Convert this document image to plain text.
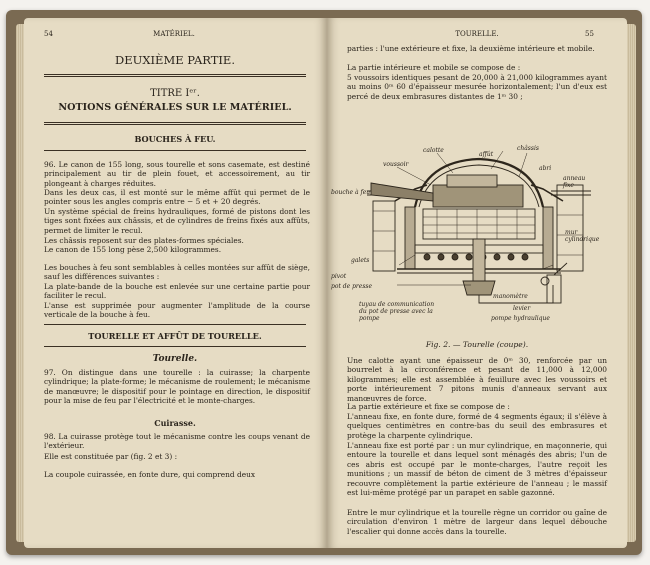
54	MATÉRIEL.
DEUXIÈME PARTIE.
TITRE Iᵉʳ.
NOTIONS GÉNÉRALES SUR LE MATÉRIEL.
BOUCHES À FEU.
96. Le canon de 155 long, sous tourelle et sons casemate, est destiné principalement au tir de plein fouet, et accessoirement, au tir plongeant à charges réduites.
Dans les deux cas, il est monté sur le même affût qui permet de le pointer sous les angles compris entre − 5 et + 20 degrés.
Un système spécial de freins hydrauliques, formé de pistons dont les tiges sont fixées aux châssis, et de cylindres de freins fixés aux affûts, permet de limiter le recul.
Les châssis reposent sur des plates-formes spéciales.
Le canon de 155 long pèse 2,500 kilogrammes.
Les bouches à feu sont semblables à celles montées sur affût de siège, sauf les différences suivantes :
La plate-bande de la bouche est enlevée sur une certaine partie pour faciliter le recul.
L'anse est supprimée pour augmenter l'amplitude de la course verticale de la bouche à feu.
TOURELLE ET AFFÛT DE TOURELLE.
Tourelle.
97. On distingue dans une tourelle : la cuirasse; la charpente cylindrique; la plate-forme; le mécanisme de roulement; le mécanisme de manœuvre; le dispositif pour le pointage en direction, le dispositif pour la mise de feu par l'électricité et le monte-charges.
Cuirasse.
98. La cuirasse protège tout le mécanisme contre les coups venant de l'extérieur.
Elle est constituée par (fig. 2 et 3) :
La coupole cuirassée, en fonte dure, qui comprend deux
TOURELLE.	55
parties : l'une extérieure et fixe, la deuxième intérieure et mobile.
La partie intérieure et mobile se compose de :
5 voussoirs identiques pesant de 20,000 à 21,000 kilogrammes ayant au moins 0ᵐ 60 d'épaisseur mesurée horizontalement; l'un d'eux est percé de deux embrasures distantes de 1ᵐ 30 ;
calotte	châssis
voussoir
affût
abri
anneau fixe
bouche à feu
mur cylindrique
galets
pivot
pot de presse
tuyau de communication du pot de presse avec la pompe
manomètre
levier
pompe hydraulique
Fig. 2. — Tourelle (coupe).
Une calotte ayant une épaisseur de 0ᵐ 30, renforcée par un bourrelet à la circonférence et pesant de 11,000 à 12,000 kilogrammes; elle est assemblée à feuillure avec les voussoirs et porte intérieurement 7 pitons munis d'anneaux servant aux manœuvres de force.
La partie extérieure et fixe se compose de :
L'anneau fixe, en fonte dure, formé de 4 segments égaux; il s'élève à quelques centimètres en contre-bas du seuil des embrasures et protège la charpente cylindrique.
L'anneau fixe est porté par : un mur cylindrique, en maçonnerie, qui entoure la tourelle et dans lequel sont ménagés des abris; l'un de ces abris est occupé par le monte-charges, l'autre reçoit les munitions ; un massif de béton de ciment de 3 mètres d'épaisseur recouvre complètement la partie extérieure de l'anneau ; le massif est lui-même protégé par un parapet en sable gazonné.
Entre le mur cylindrique et la tourelle règne un corridor ou gaîne de circulation d'environ 1 mètre de largeur dans lequel débouche l'escalier qui donne accès dans la tourelle.
